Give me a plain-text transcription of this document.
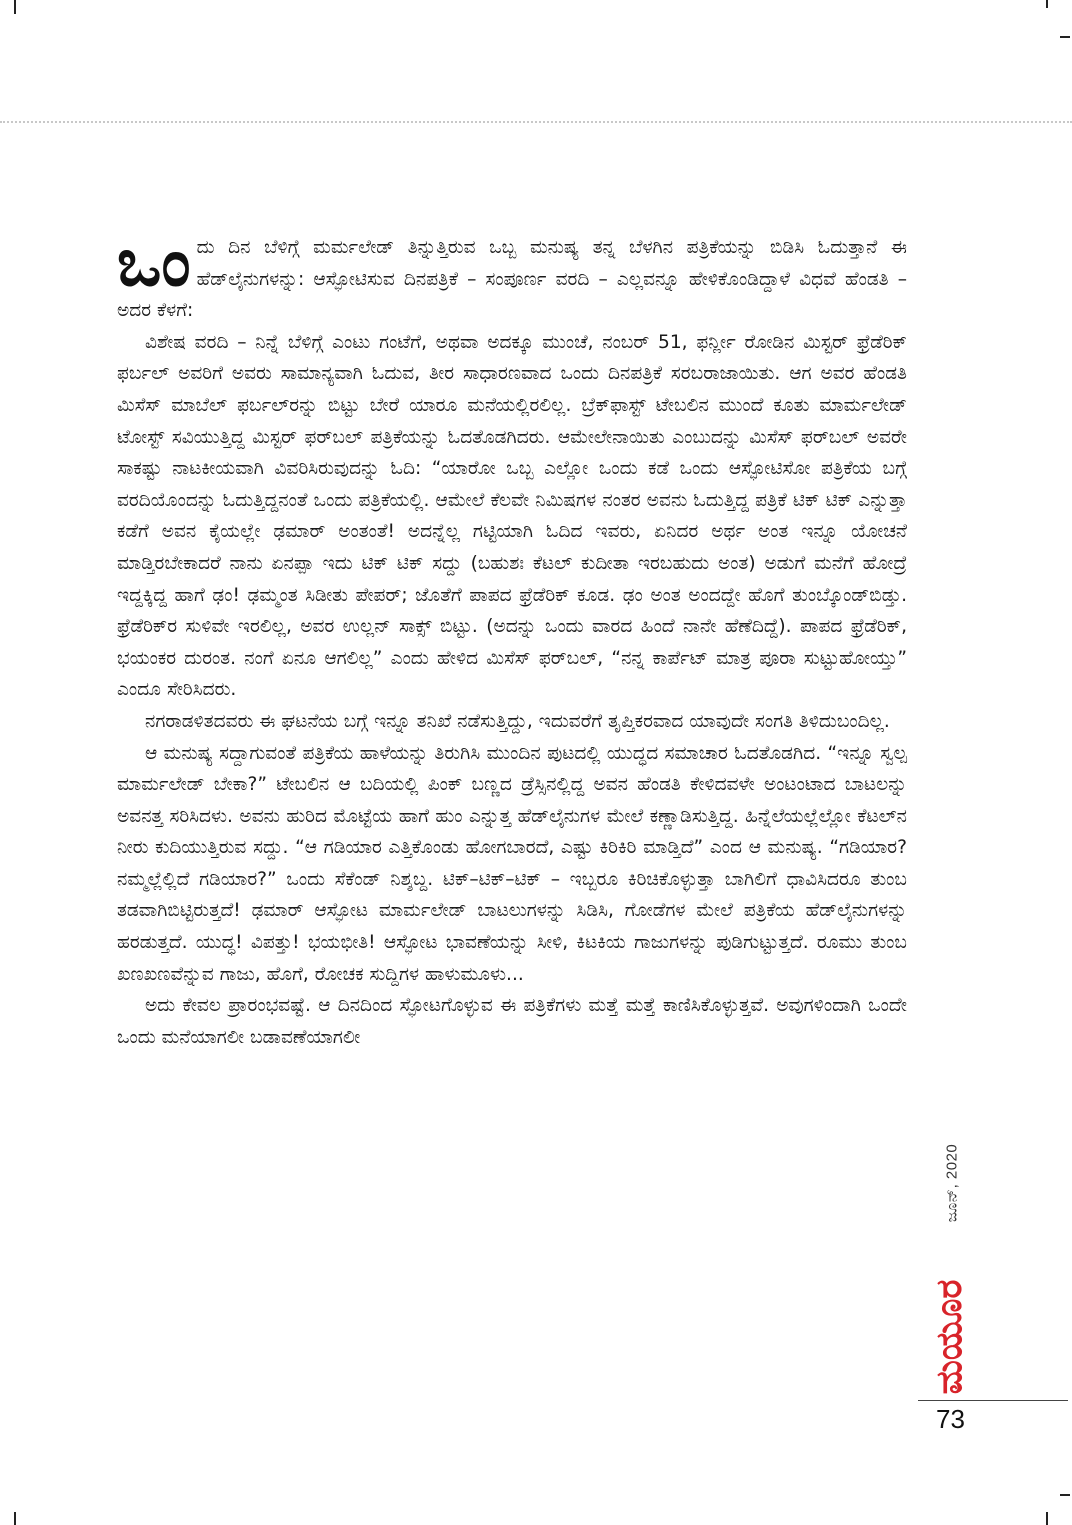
ಒಂದು ದಿನ ಬೆಳಿಗ್ಗೆ ಮರ್ಮಲೇಡ್ ತಿನ್ನುತ್ತಿರುವ ಒಬ್ಬ ಮನುಷ್ಯ ತನ್ನ ಬೆಳಗಿನ ಪತ್ರಿಕೆಯನ್ನು ಬಿಡಿಸಿ ಓದುತ್ತಾನೆ ಈ ಹೆಡ್‌ಲೈನುಗಳನ್ನು: ಆಸ್ಫೋಟಿಸುವ ದಿನಪತ್ರಿಕೆ – ಸಂಪೂರ್ಣ ವರದಿ – ಎಲ್ಲವನ್ನೂ ಹೇಳಿಕೊಂಡಿದ್ದಾಳೆ ವಿಧವೆ ಹೆಂಡತಿ – ಅದರ ಕೆಳಗೆ:

ವಿಶೇಷ ವರದಿ – ನಿನ್ನೆ ಬೆಳಿಗ್ಗೆ ಎಂಟು ಗಂಟೆಗೆ, ಅಥವಾ ಅದಕ್ಕೂ ಮುಂಚೆ, ನಂಬರ್ 51, ಫರ್ನ್ಲೀ ರೋಡಿನ ಮಿಸ್ಟರ್ ಫ್ರೆಡೆರಿಕ್ ಫರ್ಬಲ್ ಅವರಿಗೆ ಅವರು ಸಾಮಾನ್ಯವಾಗಿ ಓದುವ, ತೀರ ಸಾಧಾರಣವಾದ ಒಂದು ದಿನಪತ್ರಿಕೆ ಸರಬರಾಜಾಯಿತು. ಆಗ ಅವರ ಹೆಂಡತಿ ಮಿಸೆಸ್ ಮಾಬೆಲ್ ಫರ್ಬಲ್‌ರನ್ನು ಬಿಟ್ಟು ಬೇರೆ ಯಾರೂ ಮನೆಯಲ್ಲಿರಲಿಲ್ಲ. ಬ್ರೆಕ್‌ಫಾಸ್ಟ್ ಟೇಬಲಿನ ಮುಂದೆ ಕೂತು ಮಾರ್ಮಲೇಡ್ ಟೋಸ್ಟ್ ಸವಿಯುತ್ತಿದ್ದ ಮಿಸ್ಟರ್ ಫರ್‌ಬಲ್ ಪತ್ರಿಕೆಯನ್ನು ಓದತೊಡಗಿದರು. ಆಮೇಲೇನಾಯಿತು ಎಂಬುದನ್ನು ಮಿಸೆಸ್ ಫರ್‌ಬಲ್ ಅವರೇ ಸಾಕಷ್ಟು ನಾಟಕೀಯವಾಗಿ ವಿವರಿಸಿರುವುದನ್ನು ಓದಿ: “ಯಾರೋ ಒಬ್ಬ ಎಲ್ಲೋ ಒಂದು ಕಡೆ ಒಂದು ಆಸ್ಫೋಟಿಸೋ ಪತ್ರಿಕೆಯ ಬಗ್ಗೆ ವರದಿಯೊಂದನ್ನು ಓದುತ್ತಿದ್ದನಂತೆ ಒಂದು ಪತ್ರಿಕೆಯಲ್ಲಿ. ಆಮೇಲೆ ಕೆಲವೇ ನಿಮಿಷಗಳ ನಂತರ ಅವನು ಓದುತ್ತಿದ್ದ ಪತ್ರಿಕೆ ಟಿಕ್ ಟಿಕ್ ಎನ್ನುತ್ತಾ ಕಡೆಗೆ ಅವನ ಕೈಯಲ್ಲೇ ಢಮಾರ್ ಅಂತಂತೆ! ಅದನ್ನೆಲ್ಲ ಗಟ್ಟಿಯಾಗಿ ಓದಿದ ಇವರು, ಏನಿದರ ಅರ್ಥ ಅಂತ ಇನ್ನೂ ಯೋಚನೆ ಮಾಡ್ತಿರಬೇಕಾದರೆ ನಾನು ಏನಪ್ಪಾ ಇದು ಟಿಕ್ ಟಿಕ್ ಸದ್ದು (ಬಹುಶಃ ಕೆಟಲ್ ಕುದೀತಾ ಇರಬಹುದು ಅಂತ) ಅಡುಗೆ ಮನೆಗೆ ಹೋದ್ರೆ ಇದ್ದಕ್ಕಿದ್ದ ಹಾಗೆ ಢಂ! ಢಮ್ಮಂತ ಸಿಡೀತು ಪೇಪರ್; ಜೊತೆಗೆ ಪಾಪದ ಫ್ರೆಡೆರಿಕ್ ಕೂಡ. ಢಂ ಅಂತ ಅಂದದ್ದೇ ಹೊಗೆ ತುಂಬ್ಕೊಂಡ್‌ಬಿಡ್ತು. ಫ್ರೆಡೆರಿಕ್‌ರ ಸುಳಿವೇ ಇರಲಿಲ್ಲ, ಅವರ ಉಲ್ಲನ್ ಸಾಕ್ಸ್ ಬಿಟ್ಟು. (ಅದನ್ನು ಒಂದು ವಾರದ ಹಿಂದೆ ನಾನೇ ಹೆಣೆದಿದ್ದೆ). ಪಾಪದ ಫ್ರೆಡೆರಿಕ್, ಭಯಂಕರ ದುರಂತ. ನಂಗೆ ಏನೂ ಆಗಲಿಲ್ಲ” ಎಂದು ಹೇಳಿದ ಮಿಸೆಸ್ ಫರ್‌ಬಲ್, “ನನ್ನ ಕಾರ್ಪೆಟ್ ಮಾತ್ರ ಪೂರಾ ಸುಟ್ಟುಹೋಯ್ತು” ಎಂದೂ ಸೇರಿಸಿದರು.

ನಗರಾಡಳಿತದವರು ಈ ಘಟನೆಯ ಬಗ್ಗೆ ಇನ್ನೂ ತನಿಖೆ ನಡೆಸುತ್ತಿದ್ದು, ಇದುವರೆಗೆ ತೃಪ್ತಿಕರವಾದ ಯಾವುದೇ ಸಂಗತಿ ತಿಳಿದುಬಂದಿಲ್ಲ.

ಆ ಮನುಷ್ಯ ಸದ್ದಾಗುವಂತೆ ಪತ್ರಿಕೆಯ ಹಾಳೆಯನ್ನು ತಿರುಗಿಸಿ ಮುಂದಿನ ಪುಟದಲ್ಲಿ ಯುದ್ಧದ ಸಮಾಚಾರ ಓದತೊಡಗಿದ. “ಇನ್ನೂ ಸ್ವಲ್ಪ ಮಾರ್ಮಲೇಡ್ ಬೇಕಾ?” ಟೇಬಲಿನ ಆ ಬದಿಯಲ್ಲಿ ಪಿಂಕ್ ಬಣ್ಣದ ಡ್ರೆಸ್ಸಿನಲ್ಲಿದ್ದ ಅವನ ಹೆಂಡತಿ ಕೇಳಿದವಳೇ ಅಂಟಂಟಾದ ಬಾಟಲನ್ನು ಅವನತ್ತ ಸರಿಸಿದಳು. ಅವನು ಹುರಿದ ಮೊಟ್ಟೆಯ ಹಾಗೆ ಹುಂ ಎನ್ನುತ್ತ ಹೆಡ್‌ಲೈನುಗಳ ಮೇಲೆ ಕಣ್ಣಾಡಿಸುತ್ತಿದ್ದ. ಹಿನ್ನೆಲೆಯಲ್ಲೆಲ್ಲೋ ಕೆಟಲ್‌ನ ನೀರು ಕುದಿಯುತ್ತಿರುವ ಸದ್ದು. “ಆ ಗಡಿಯಾರ ಎತ್ತಿಕೊಂಡು ಹೋಗಬಾರದೆ, ಎಷ್ಟು ಕಿರಿಕಿರಿ ಮಾಡ್ತಿದೆ” ಎಂದ ಆ ಮನುಷ್ಯ. “ಗಡಿಯಾರ? ನಮ್ಮಲ್ಲೆಲ್ಲಿದೆ ಗಡಿಯಾರ?” ಒಂದು ಸೆಕೆಂಡ್ ನಿಶ್ಶಬ್ದ. ಟಿಕ್–ಟಿಕ್–ಟಿಕ್ – ಇಬ್ಬರೂ ಕಿರಿಚಿಕೊಳ್ಳುತ್ತಾ ಬಾಗಿಲಿಗೆ ಧಾವಿಸಿದರೂ ತುಂಬ ತಡವಾಗಿಬಿಟ್ಟಿರುತ್ತದೆ! ಢಮಾರ್ ಆಸ್ಫೋಟ ಮಾರ್ಮಲೇಡ್ ಬಾಟಲುಗಳನ್ನು ಸಿಡಿಸಿ, ಗೋಡೆಗಳ ಮೇಲೆ ಪತ್ರಿಕೆಯ ಹೆಡ್‌ಲೈನುಗಳನ್ನು ಹರಡುತ್ತದೆ. ಯುದ್ಧ! ವಿಪತ್ತು! ಭಯಭೀತಿ! ಆಸ್ಫೋಟ ಭಾವಣೆಯನ್ನು ಸೀಳಿ, ಕಿಟಕಿಯ ಗಾಜುಗಳನ್ನು ಪುಡಿಗುಟ್ಟುತ್ತದೆ. ರೂಮು ತುಂಬ ಖಣಖಣವೆನ್ನುವ ಗಾಜು, ಹೊಗೆ, ರೋಚಕ ಸುದ್ದಿಗಳ ಹಾಳುಮೂಳು...

ಅದು ಕೇವಲ ಪ್ರಾರಂಭವಷ್ಟೆ. ಆ ದಿನದಿಂದ ಸ್ಫೋಟಗೊಳ್ಳುವ ಈ ಪತ್ರಿಕೆಗಳು ಮತ್ತೆ ಮತ್ತೆ ಕಾಣಿಸಿಕೊಳ್ಳುತ್ತವೆ. ಅವುಗಳಿಂದಾಗಿ ಒಂದೇ ಒಂದು ಮನೆಯಾಗಲೀ ಬಡಾವಣೆಯಾಗಲೀ

ಜೂನ್, 2020
ಮಯೂರ
73
